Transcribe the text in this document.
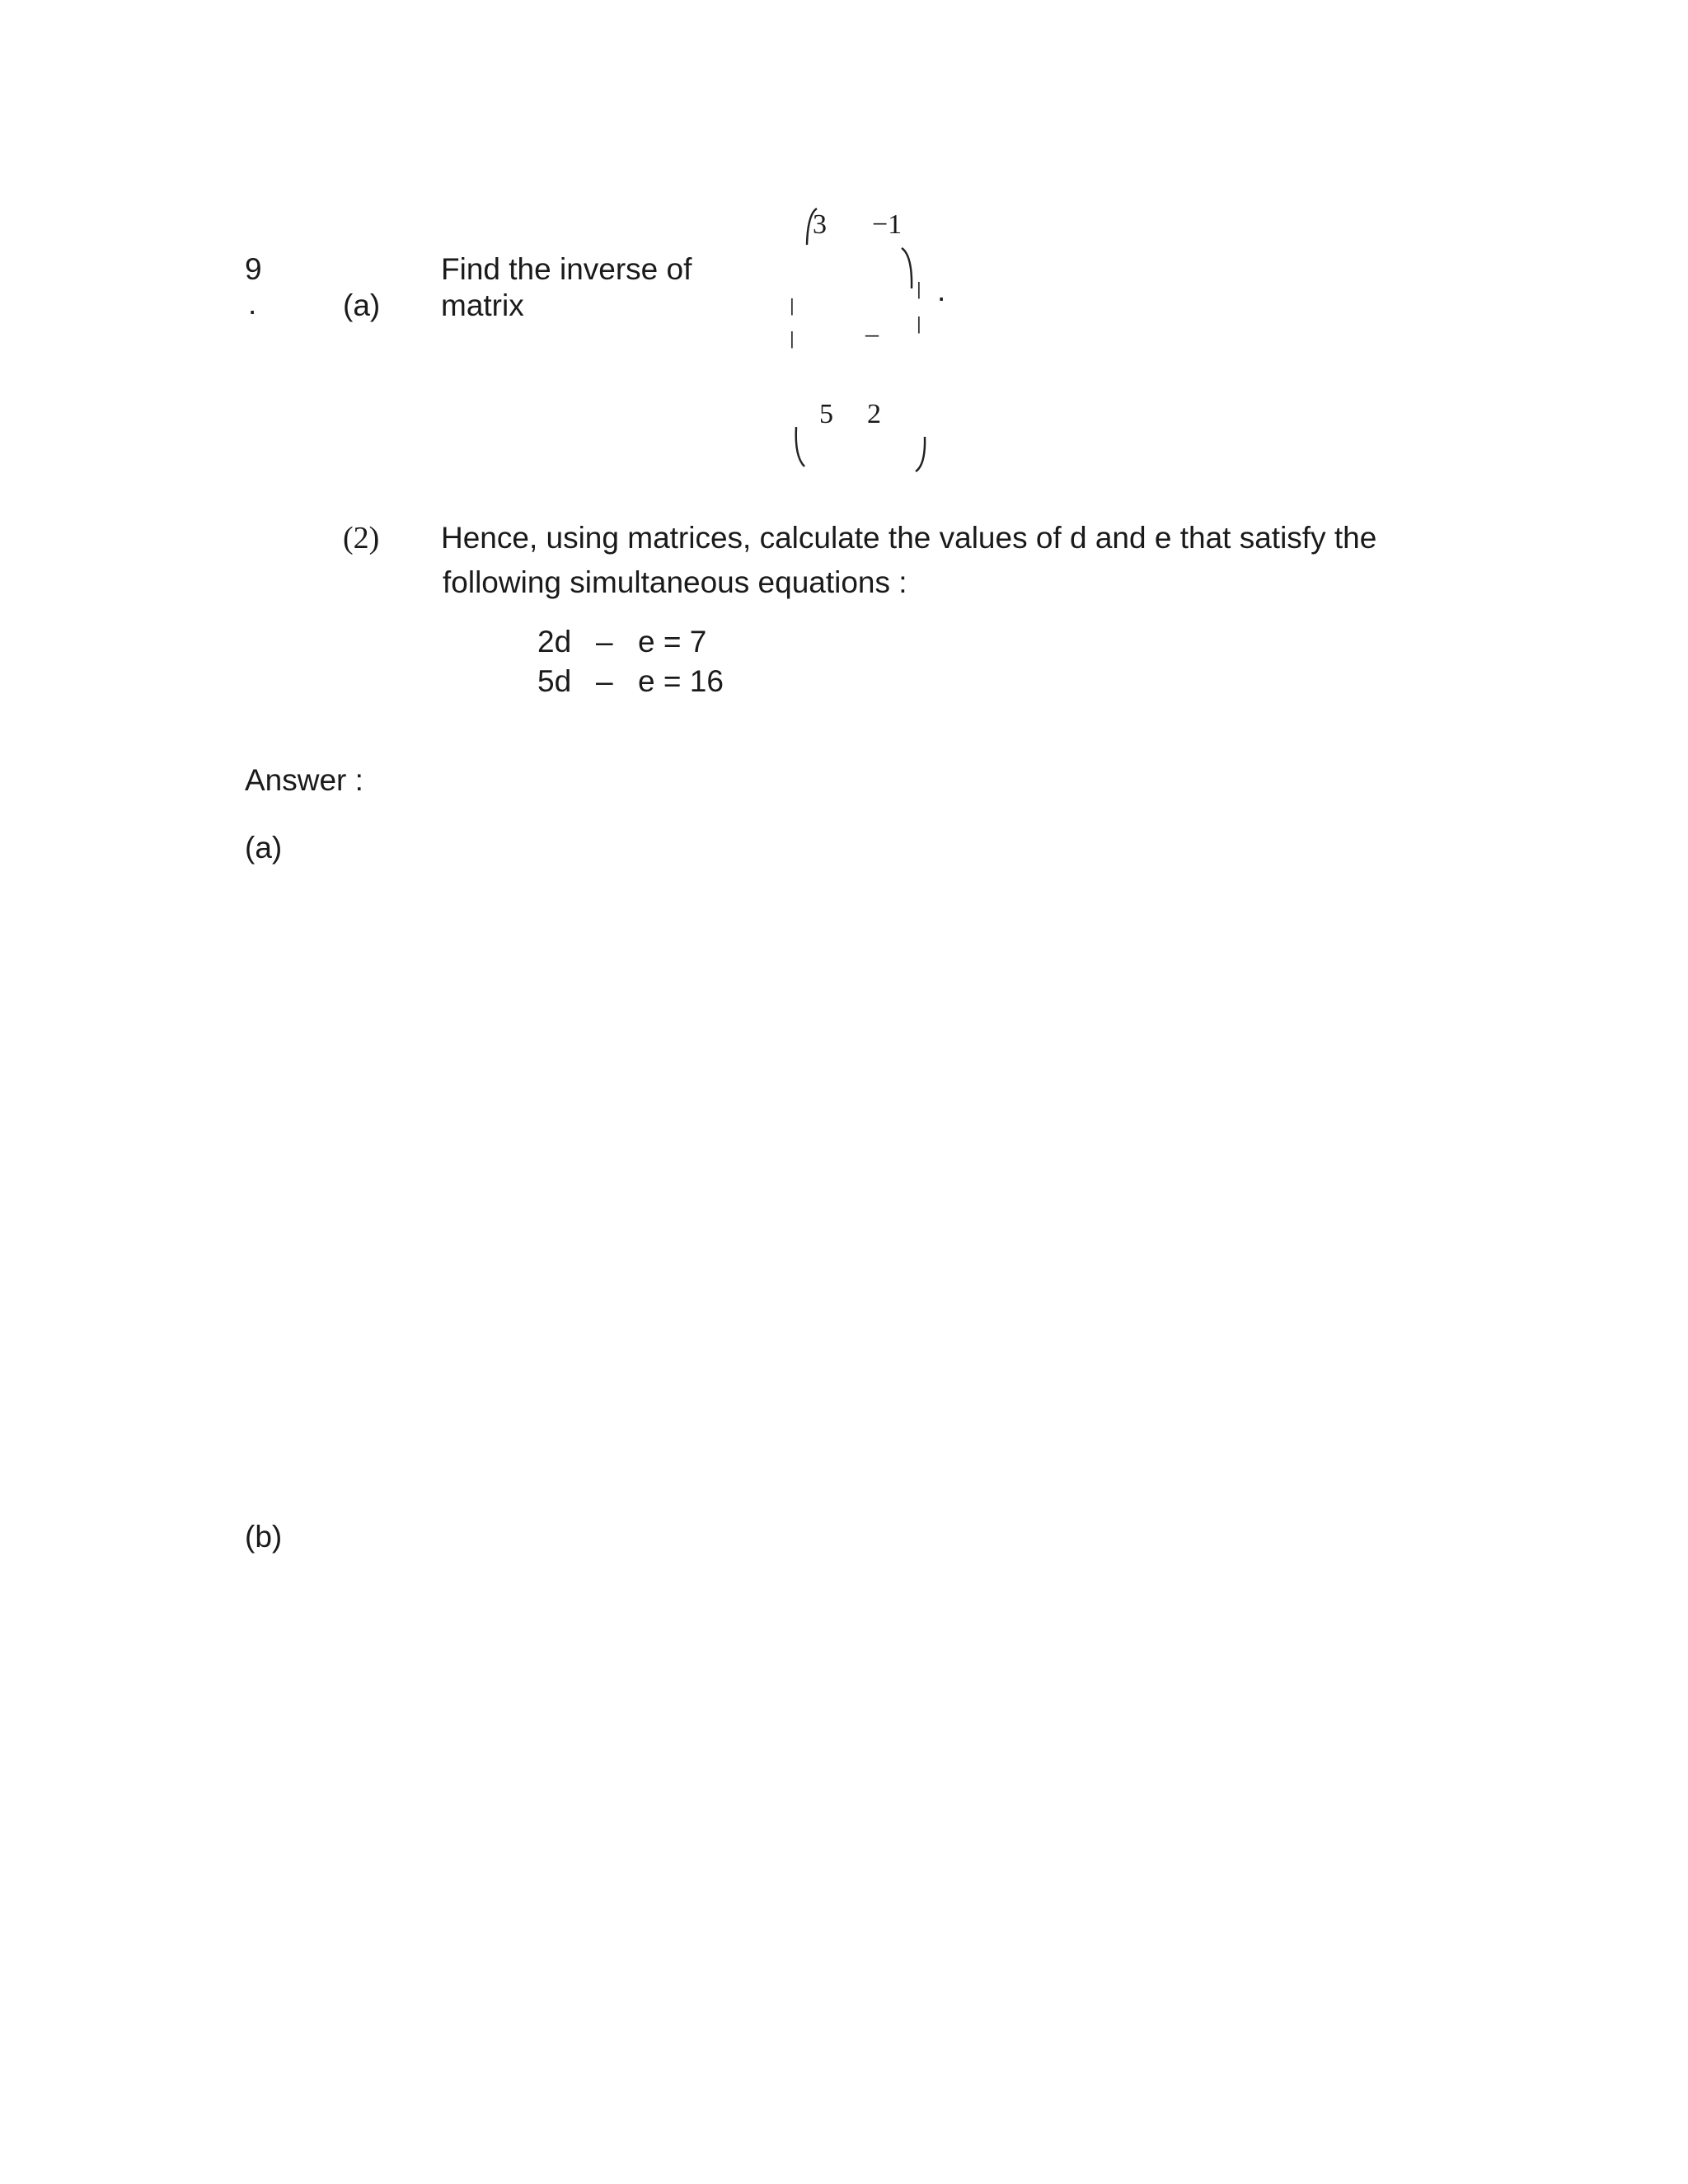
9
.	(a)
Find the inverse of
matrix
3 −1
|
|
|
|
.
–
5 2
(2) Hence, using matrices, calculate the values of d and e that satisfy the
following simultaneous equations :
2d – e = 7
5d – e = 16
Answer :
(a)
(b)
